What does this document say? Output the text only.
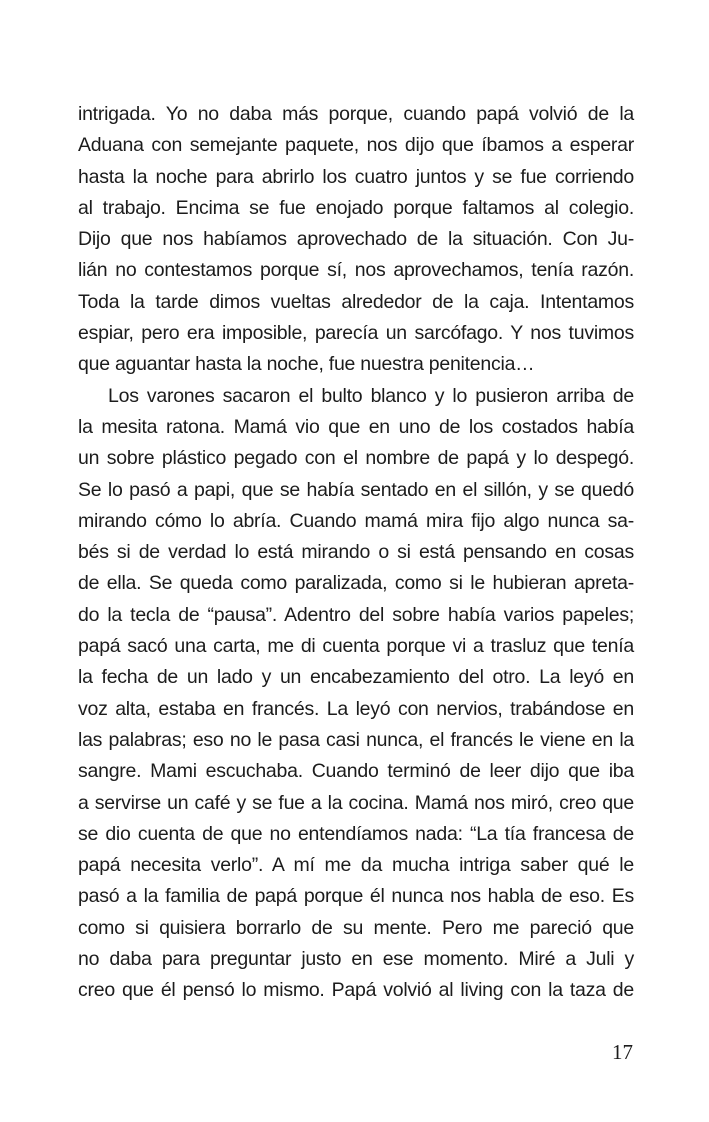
intrigada. Yo no daba más porque, cuando papá volvió de la
Aduana con semejante paquete, nos dijo que íbamos a esperar
hasta la noche para abrirlo los cuatro juntos y se fue corriendo
al trabajo. Encima se fue enojado porque faltamos al colegio.
Dijo que nos habíamos aprovechado de la situación. Con Ju-
lián no contestamos porque sí, nos aprovechamos, tenía razón.
Toda la tarde dimos vueltas alrededor de la caja. Intentamos
espiar, pero era imposible, parecía un sarcófago. Y nos tuvimos
que aguantar hasta la noche, fue nuestra penitencia…
Los varones sacaron el bulto blanco y lo pusieron arriba de
la mesita ratona. Mamá vio que en uno de los costados había
un sobre plástico pegado con el nombre de papá y lo despegó.
Se lo pasó a papi, que se había sentado en el sillón, y se quedó
mirando cómo lo abría. Cuando mamá mira fijo algo nunca sa-
bés si de verdad lo está mirando o si está pensando en cosas
de ella. Se queda como paralizada, como si le hubieran apreta-
do la tecla de “pausa”. Adentro del sobre había varios papeles;
papá sacó una carta, me di cuenta porque vi a trasluz que tenía
la fecha de un lado y un encabezamiento del otro. La leyó en
voz alta, estaba en francés. La leyó con nervios, trabándose en
las palabras; eso no le pasa casi nunca, el francés le viene en la
sangre. Mami escuchaba. Cuando terminó de leer dijo que iba
a servirse un café y se fue a la cocina. Mamá nos miró, creo que
se dio cuenta de que no entendíamos nada: “La tía francesa de
papá necesita verlo”. A mí me da mucha intriga saber qué le
pasó a la familia de papá porque él nunca nos habla de eso. Es
como si quisiera borrarlo de su mente. Pero me pareció que
no daba para preguntar justo en ese momento. Miré a Juli y
creo que él pensó lo mismo. Papá volvió al living con la taza de
17
